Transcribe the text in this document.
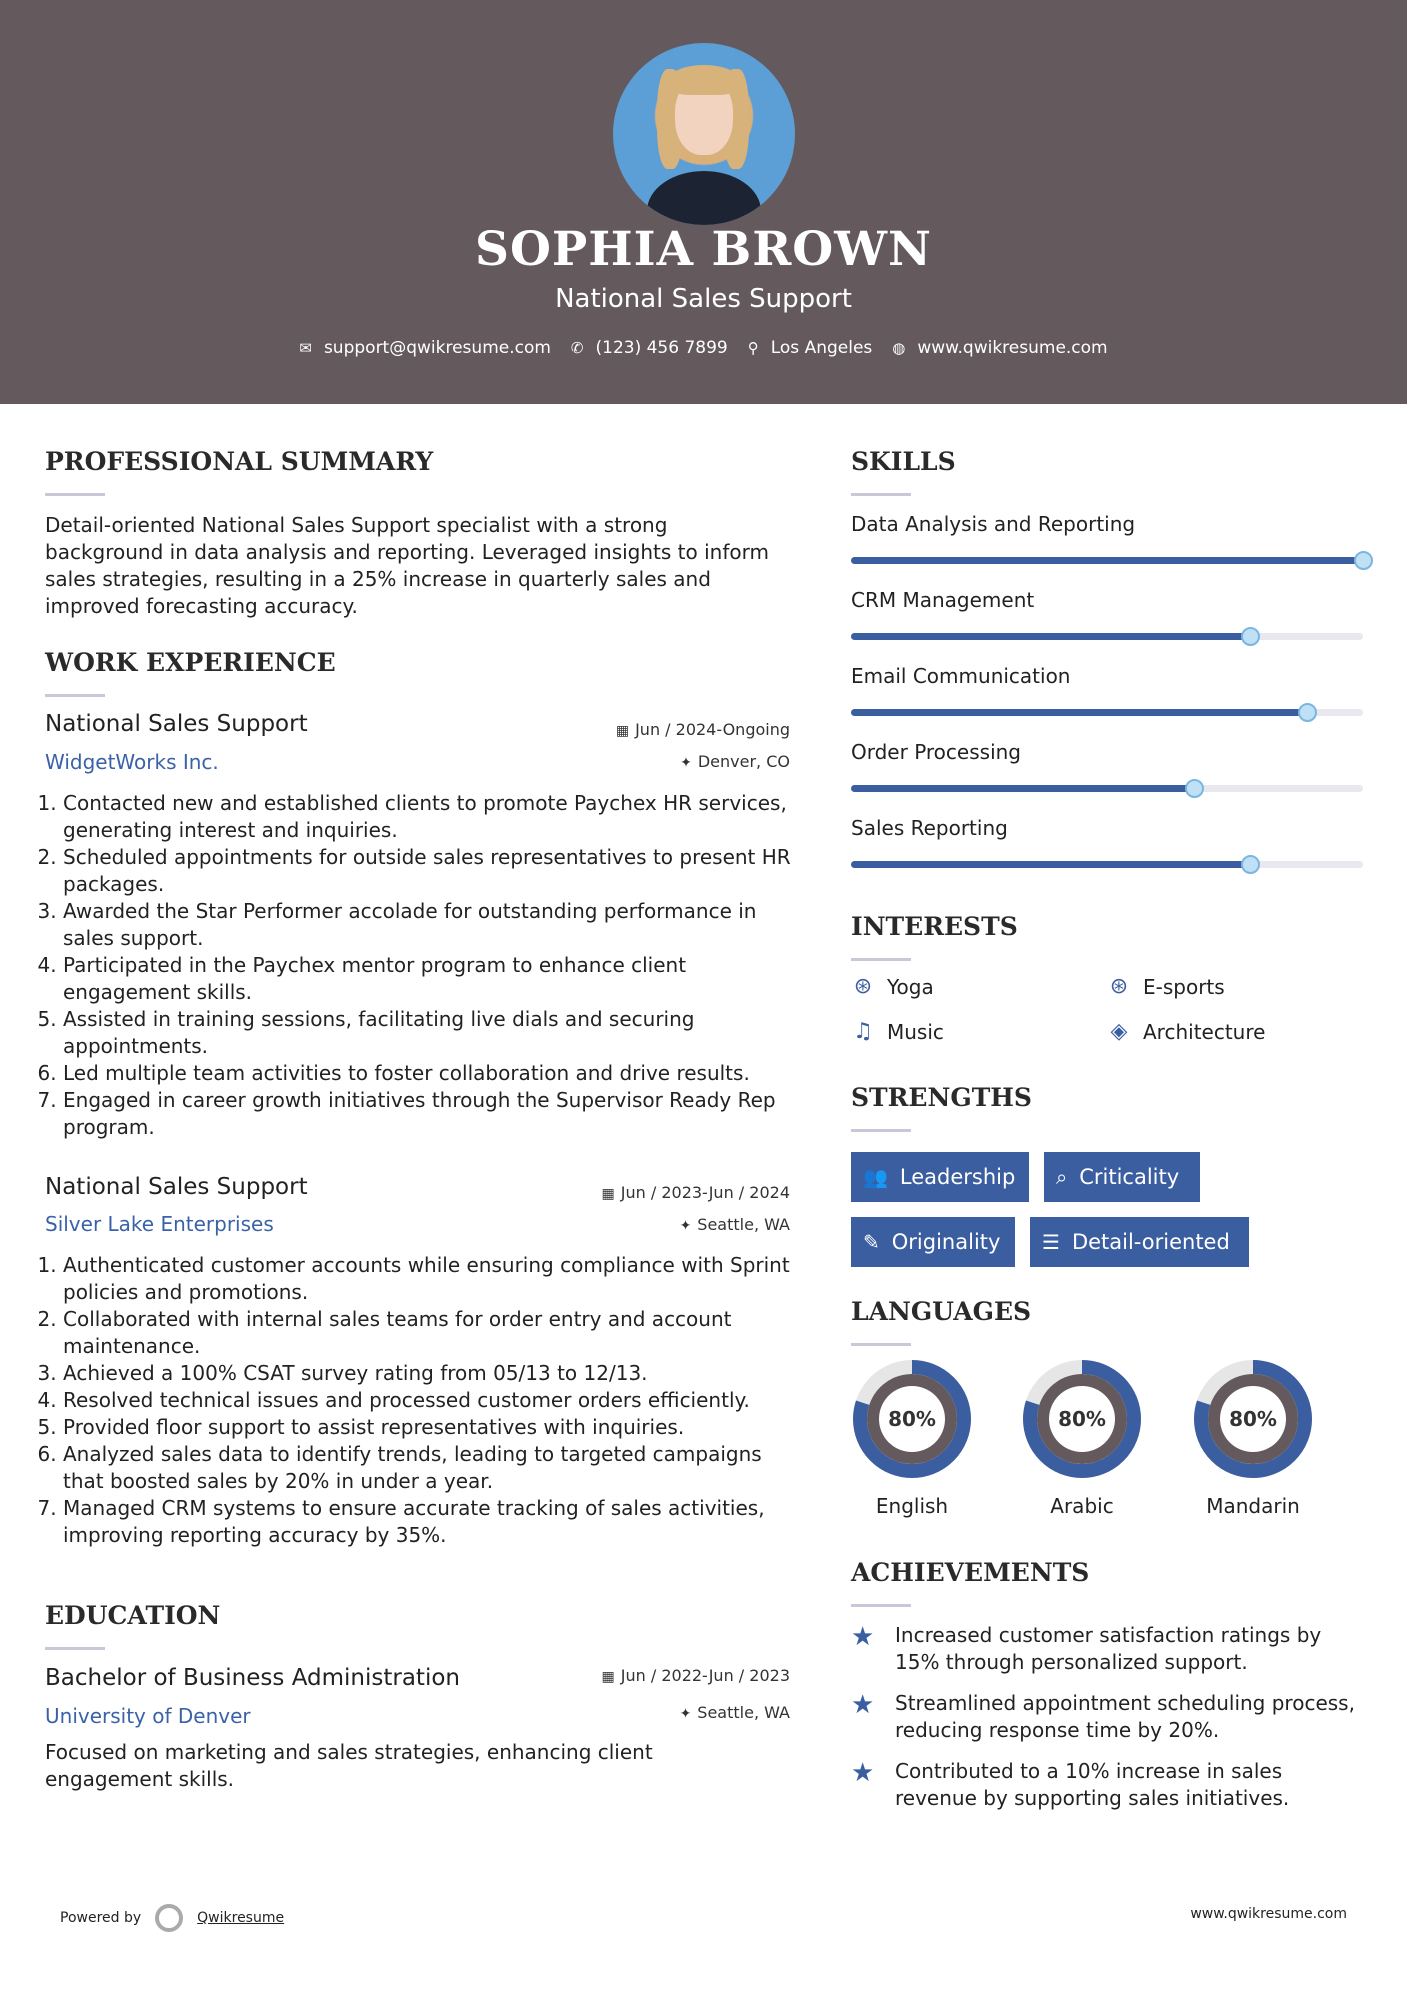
SOPHIA BROWN
National Sales Support
✉ support@qwikresume.com ✆ (123) 456 7899 ⚲ Los Angeles ◍ www.qwikresume.com
PROFESSIONAL SUMMARY
Detail-oriented National Sales Support specialist with a strong background in data analysis and reporting. Leveraged insights to inform sales strategies, resulting in a 25% increase in quarterly sales and improved forecasting accuracy.
WORK EXPERIENCE
National Sales Support
WidgetWorks Inc.
▦ Jun / 2024-Ongoing
✦ Denver, CO
1. Contacted new and established clients to promote Paychex HR services, generating interest and inquiries.
2. Scheduled appointments for outside sales representatives to present HR packages.
3. Awarded the Star Performer accolade for outstanding performance in sales support.
4. Participated in the Paychex mentor program to enhance client engagement skills.
5. Assisted in training sessions, facilitating live dials and securing appointments.
6. Led multiple team activities to foster collaboration and drive results.
7. Engaged in career growth initiatives through the Supervisor Ready Rep program.
National Sales Support
Silver Lake Enterprises
▦ Jun / 2023-Jun / 2024
✦ Seattle, WA
1. Authenticated customer accounts while ensuring compliance with Sprint policies and promotions.
2. Collaborated with internal sales teams for order entry and account maintenance.
3. Achieved a 100% CSAT survey rating from 05/13 to 12/13.
4. Resolved technical issues and processed customer orders efficiently.
5. Provided floor support to assist representatives with inquiries.
6. Analyzed sales data to identify trends, leading to targeted campaigns that boosted sales by 20% in under a year.
7. Managed CRM systems to ensure accurate tracking of sales activities, improving reporting accuracy by 35%.
EDUCATION
Bachelor of Business Administration
University of Denver
▦ Jun / 2022-Jun / 2023
✦ Seattle, WA
Focused on marketing and sales strategies, enhancing client engagement skills.
SKILLS
Data Analysis and Reporting
CRM Management
Email Communication
Order Processing
Sales Reporting
INTERESTS
⊛ Yoga	⊛ E-sports
♫ Music	◈ Architecture
STRENGTHS
👥 Leadership ⌕ Criticality
✎ Originality ☰ Detail-oriented
LANGUAGES
80%
English
80%
Arabic
80%
Mandarin
ACHIEVEMENTS
★ Increased customer satisfaction ratings by 15% through personalized support.
★ Streamlined appointment scheduling process, reducing response time by 20%.
★ Contributed to a 10% increase in sales revenue by supporting sales initiatives.
Powered by	Qwikresume	www.qwikresume.com
